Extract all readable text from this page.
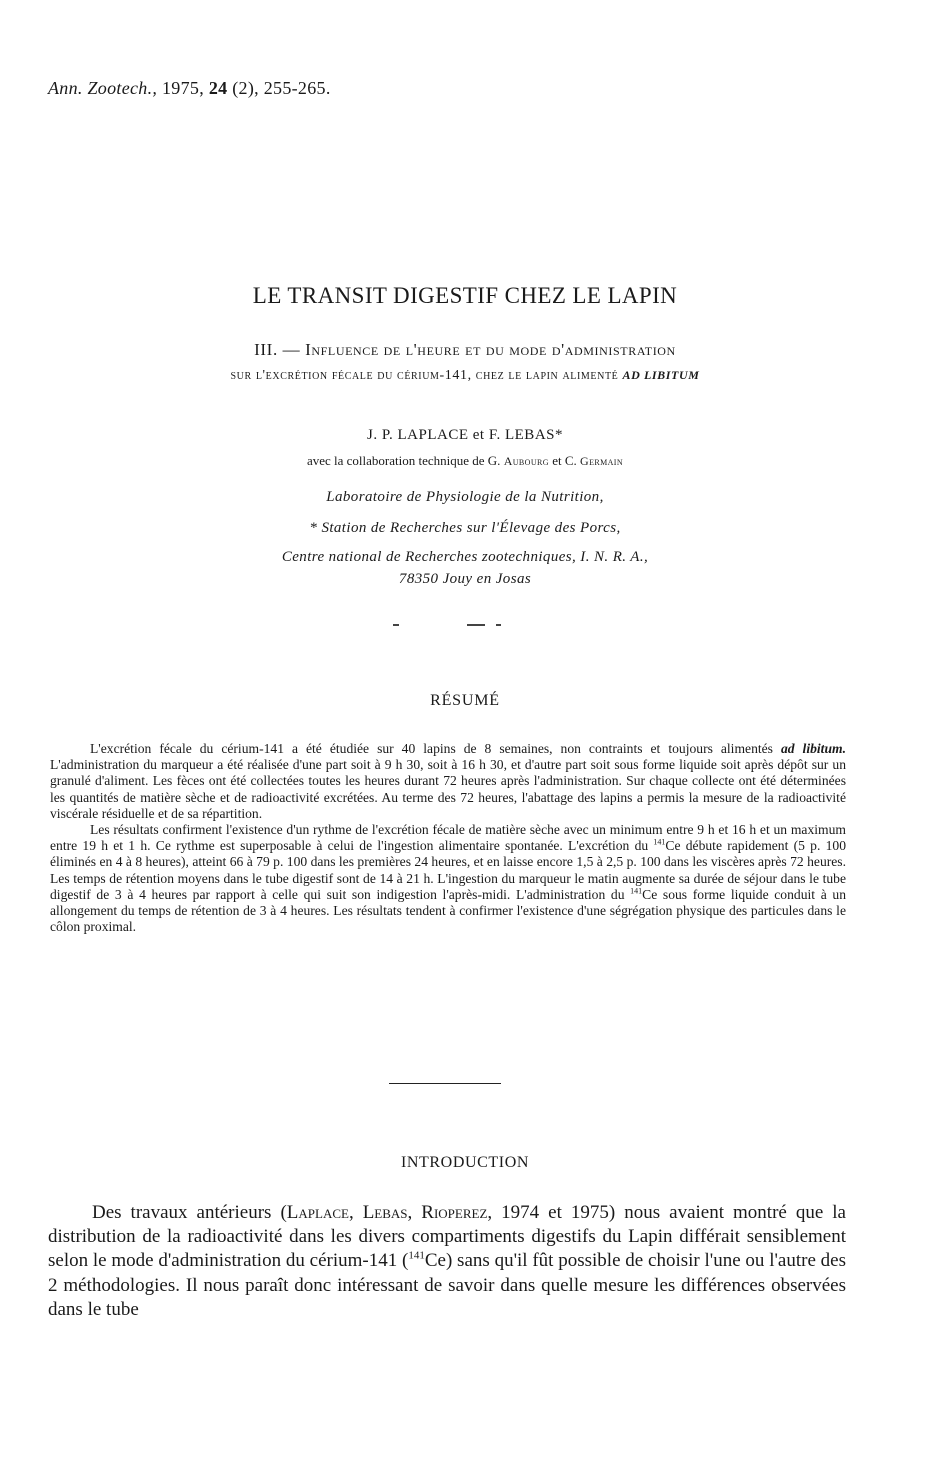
Ann. Zootech., 1975, 24 (2), 255-265.
LE TRANSIT DIGESTIF CHEZ LE LAPIN
III. — Influence de l'heure et du mode d'administration
sur l'excrétion fécale du cérium-141, chez le lapin alimenté AD LIBITUM
J. P. LAPLACE et F. LEBAS*
avec la collaboration technique de G. Aubourg et C. Germain
Laboratoire de Physiologie de la Nutrition,
* Station de Recherches sur l'Élevage des Porcs,
Centre national de Recherches zootechniques, I. N. R. A.,
78350 Jouy en Josas
RÉSUMÉ

L'excrétion fécale du cérium-141 a été étudiée sur 40 lapins de 8 semaines, non contraints et toujours alimentés ad libitum. L'administration du marqueur a été réalisée d'une part soit à 9 h 30, soit à 16 h 30, et d'autre part soit sous forme liquide soit après dépôt sur un granulé d'aliment. Les fèces ont été collectées toutes les heures durant 72 heures après l'administration. Sur chaque collecte ont été déterminées les quantités de matière sèche et de radioactivité excrétées. Au terme des 72 heures, l'abattage des lapins a permis la mesure de la radioactivité viscérale résiduelle et de sa répartition.

Les résultats confirment l'existence d'un rythme de l'excrétion fécale de matière sèche avec un minimum entre 9 h et 16 h et un maximum entre 19 h et 1 h. Ce rythme est superposable à celui de l'ingestion alimentaire spontanée. L'excrétion du $^{141}$Ce débute rapidement (5 p. 100 éliminés en 4 à 8 heures), atteint 66 à 79 p. 100 dans les premières 24 heures, et en laisse encore 1,5 à 2,5 p. 100 dans les viscères après 72 heures. Les temps de rétention moyens dans le tube digestif sont de 14 à 21 h. L'ingestion du marqueur le matin augmente sa durée de séjour dans le tube digestif de 3 à 4 heures par rapport à celle qui suit son indigestion l'après-midi. L'administration du $^{141}$Ce sous forme liquide conduit à un allongement du temps de rétention de 3 à 4 heures. Les résultats tendent à confirmer l'existence d'une ségrégation physique des particules dans le côlon proximal.

INTRODUCTION

Des travaux antérieurs (Laplace, Lebas, Rioperez, 1974 et 1975) nous avaient montré que la distribution de la radioactivité dans les divers compartiments digestifs du Lapin différait sensiblement selon le mode d'administration du cérium-141 ($^{141}$Ce) sans qu'il fût possible de choisir l'une ou l'autre des 2 méthodologies. Il nous paraît donc intéressant de savoir dans quelle mesure les différences observées dans le tube
